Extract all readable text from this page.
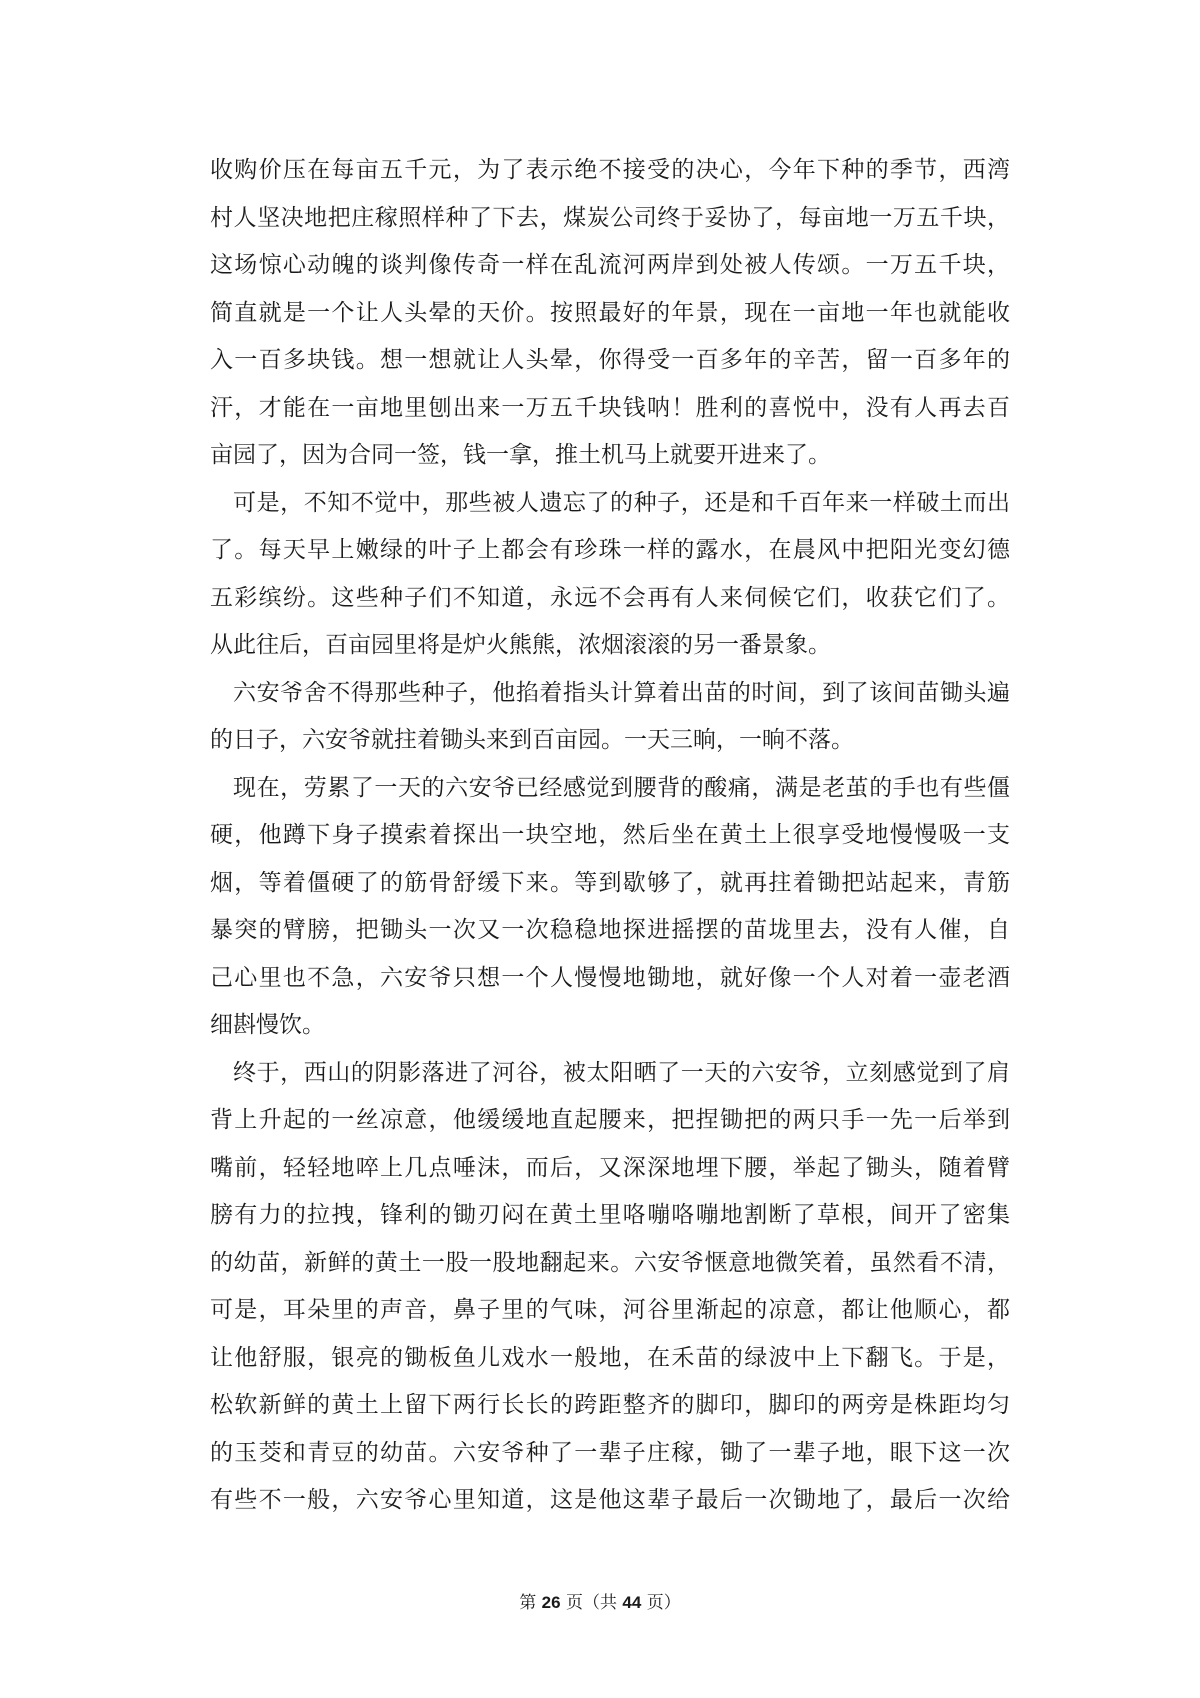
收购价压在每亩五千元，为了表示绝不接受的决心，今年下种的季节，西湾
村人坚决地把庄稼照样种了下去，煤炭公司终于妥协了，每亩地一万五千块，
这场惊心动魄的谈判像传奇一样在乱流河两岸到处被人传颂。一万五千块，
简直就是一个让人头晕的天价。按照最好的年景，现在一亩地一年也就能收
入一百多块钱。想一想就让人头晕，你得受一百多年的辛苦，留一百多年的
汗，才能在一亩地里刨出来一万五千块钱呐！胜利的喜悦中，没有人再去百
亩园了，因为合同一签，钱一拿，推土机马上就要开进来了。
可是，不知不觉中，那些被人遗忘了的种子，还是和千百年来一样破土而出
了。每天早上嫩绿的叶子上都会有珍珠一样的露水，在晨风中把阳光变幻德
五彩缤纷。这些种子们不知道，永远不会再有人来伺候它们，收获它们了。
从此往后，百亩园里将是炉火熊熊，浓烟滚滚的另一番景象。
六安爷舍不得那些种子，他掐着指头计算着出苗的时间，到了该间苗锄头遍
的日子，六安爷就拄着锄头来到百亩园。一天三晌，一晌不落。
现在，劳累了一天的六安爷已经感觉到腰背的酸痛，满是老茧的手也有些僵
硬，他蹲下身子摸索着探出一块空地，然后坐在黄土上很享受地慢慢吸一支
烟，等着僵硬了的筋骨舒缓下来。等到歇够了，就再拄着锄把站起来，青筋
暴突的臂膀，把锄头一次又一次稳稳地探进摇摆的苗垅里去，没有人催，自
己心里也不急，六安爷只想一个人慢慢地锄地，就好像一个人对着一壶老酒
细斟慢饮。
终于，西山的阴影落进了河谷，被太阳晒了一天的六安爷，立刻感觉到了肩
背上升起的一丝凉意，他缓缓地直起腰来，把捏锄把的两只手一先一后举到
嘴前，轻轻地啐上几点唾沫，而后，又深深地埋下腰，举起了锄头，随着臂
膀有力的拉拽，锋利的锄刃闷在黄土里咯嘣咯嘣地割断了草根，间开了密集
的幼苗，新鲜的黄土一股一股地翻起来。六安爷惬意地微笑着，虽然看不清，
可是，耳朵里的声音，鼻子里的气味，河谷里渐起的凉意，都让他顺心，都
让他舒服，银亮的锄板鱼儿戏水一般地，在禾苗的绿波中上下翻飞。于是，
松软新鲜的黄土上留下两行长长的跨距整齐的脚印，脚印的两旁是株距均匀
的玉茭和青豆的幼苗。六安爷种了一辈子庄稼，锄了一辈子地，眼下这一次
有些不一般，六安爷心里知道，这是他这辈子最后一次锄地了，最后一次给
第 26 页（共 44 页）
